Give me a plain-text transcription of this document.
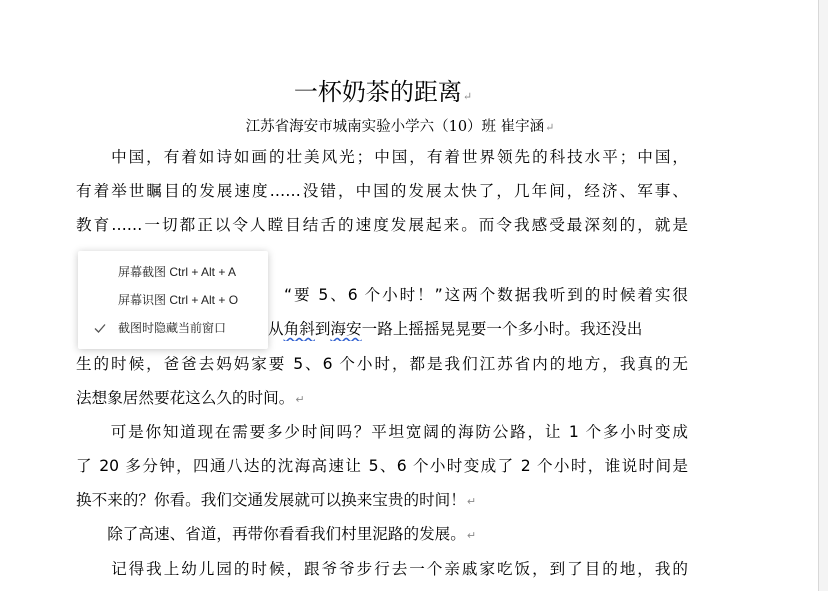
一杯奶茶的距离↵
江苏省海安市城南实验小学六（10）班 崔宇涵↵
　　中国，有着如诗如画的壮美风光；中国，有着世界领先的科技水平；中国，
有着举世瞩目的发展速度……没错，中国的发展太快了，几年间，经济、军事、
教育……一切都正以令人瞠目结舌的速度发展起来。而令我感受最深刻的，就是
“要 5、6 个小时！”这两个数据我听到的时候着实很
从角斜到海安一路上摇摇晃晃要一个多小时。我还没出
生的时候，爸爸去妈妈家要 5、6 个小时，都是我们江苏省内的地方，我真的无
法想象居然要花这么久的时间。↵
　　可是你知道现在需要多少时间吗？平坦宽阔的海防公路，让 1 个多小时变成
了 20 多分钟，四通八达的沈海高速让 5、6 个小时变成了 2 个小时，谁说时间是
换不来的？你看。我们交通发展就可以换来宝贵的时间！↵
　　除了高速、省道，再带你看看我们村里泥路的发展。↵
　　记得我上幼儿园的时候，跟爷爷步行去一个亲戚家吃饭，到了目的地，我的
屏幕截图 Ctrl + Alt + A
屏幕识图 Ctrl + Alt + O
截图时隐藏当前窗口
